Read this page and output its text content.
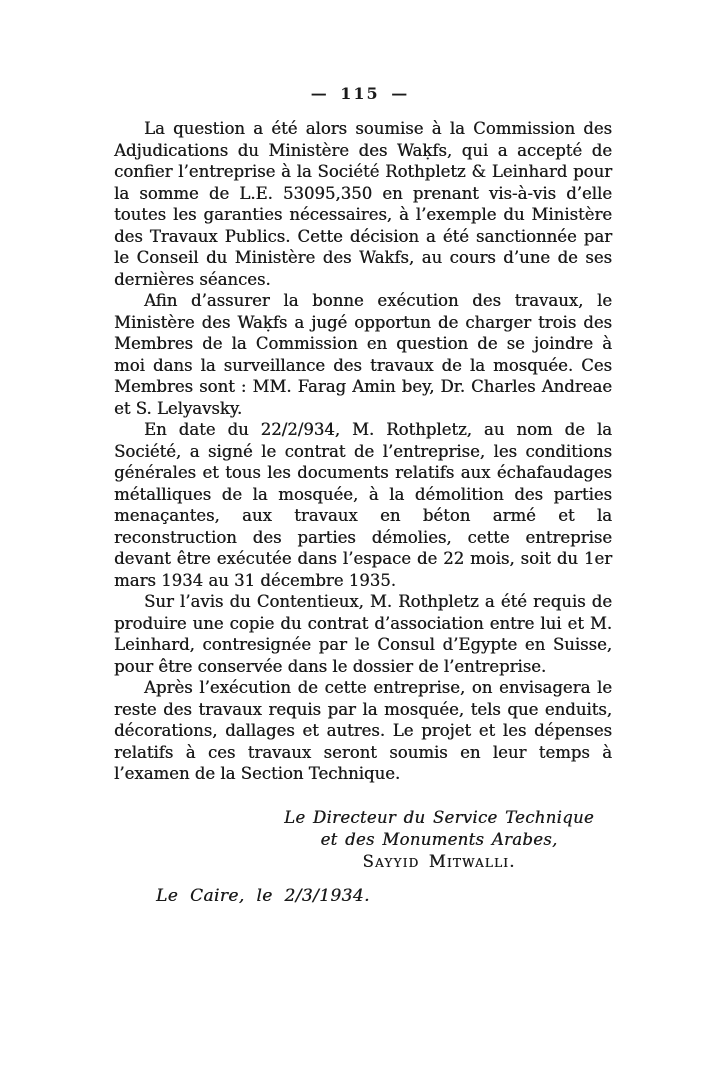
— 115 —

La question a été alors soumise à la Commission des Adjudications du Ministère des Waḳfs, qui a accepté de confier l’entreprise à la Société Rothpletz & Leinhard pour la somme de L.E. 53095,350 en prenant vis-à-vis d’elle toutes les garanties nécessaires, à l’exemple du Ministère des Travaux Publics. Cette décision a été sanctionnée par le Conseil du Ministère des Wakfs, au cours d’une de ses dernières séances.

Afin d’assurer la bonne exécution des travaux, le Ministère des Waḳfs a jugé opportun de charger trois des Membres de la Commission en question de se joindre à moi dans la surveillance des travaux de la mosquée. Ces Membres sont : MM. Farag Amin bey, Dr. Charles Andreae et S. Lelyavsky.

En date du 22/2/934, M. Rothpletz, au nom de la Société, a signé le contrat de l’entreprise, les conditions générales et tous les documents relatifs aux échafaudages métalliques de la mosquée, à la démolition des parties menaçantes, aux travaux en béton armé et la reconstruction des parties démolies, cette entreprise devant être exécutée dans l’espace de 22 mois, soit du 1er mars 1934 au 31 décembre 1935.

Sur l’avis du Contentieux, M. Rothpletz a été requis de produire une copie du contrat d’association entre lui et M. Leinhard, contresignée par le Consul d’Egypte en Suisse, pour être conservée dans le dossier de l’entreprise.

Après l’exécution de cette entreprise, on envisagera le reste des travaux requis par la mosquée, tels que enduits, décorations, dallages et autres. Le projet et les dépenses relatifs à ces travaux seront soumis en leur temps à l’examen de la Section Technique.

Le Directeur du Service Technique
et des Monuments Arabes,
Sayyid Mitwalli.
Le Caire, le 2/3/1934.
